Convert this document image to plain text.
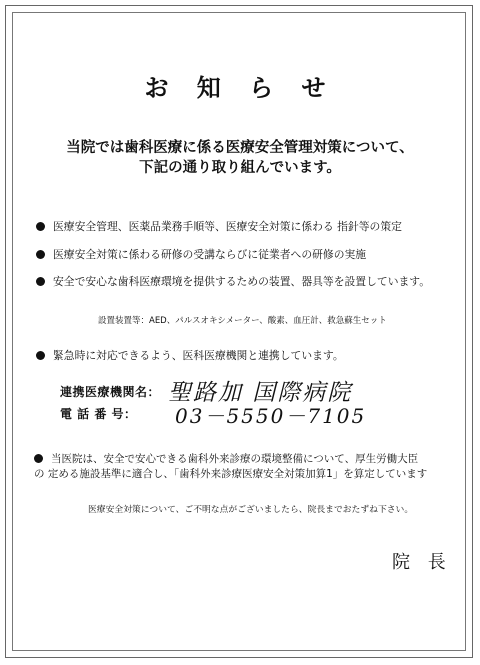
お 知 ら せ
当院では歯科医療に係る医療安全管理対策について、
下記の通り取り組んでいます。
医療安全管理、医薬品業務手順等、医療安全対策に係わる 指針等の策定
医療安全対策に係わる研修の受講ならびに従業者への研修の実施
安全で安心な歯科医療環境を提供するための装置、器具等を設置しています。
設置装置等：AED、パルスオキシメーター、酸素、血圧計、救急蘇生セット
緊急時に対応できるよう、医科医療機関と連携しています。
連携医療機関名： 聖路加 国際病院
電 話 番 号： 03－5550－7105
当医院は、安全で安心できる歯科外来診療の環境整備について、厚生労働大臣
の 定める施設基準に適合し、「歯科外来診療医療安全対策加算1」を算定しています
医療安全対策について、ご不明な点がございましたら、院長までおたずね下さい。
院 長
